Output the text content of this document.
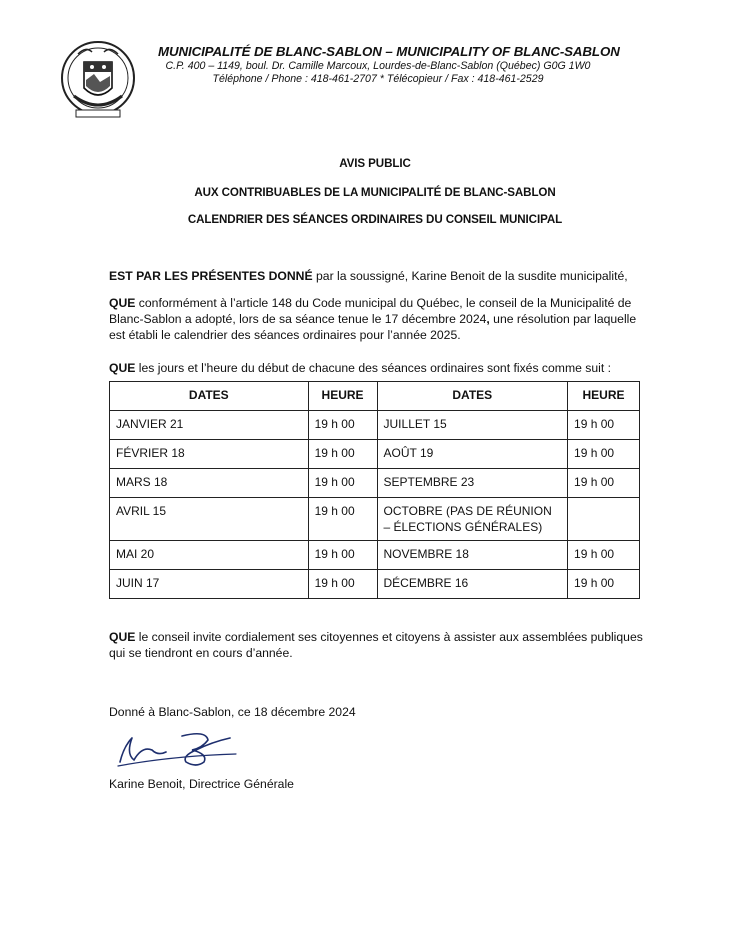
MUNICIPALITÉ DE BLANC-SABLON – MUNICIPALITY OF BLANC-SABLON
C.P. 400 – 1149, boul. Dr. Camille Marcoux, Lourdes-de-Blanc-Sablon (Québec) G0G 1W0
Téléphone / Phone : 418-461-2707 * Télécopieur / Fax : 418-461-2529
AVIS PUBLIC
AUX CONTRIBUABLES DE LA MUNICIPALITÉ DE BLANC-SABLON
CALENDRIER DES SÉANCES ORDINAIRES DU CONSEIL MUNICIPAL

EST PAR LES PRÉSENTES DONNÉ par la soussigné, Karine Benoit de la susdite municipalité,

QUE conformément à l’article 148 du Code municipal du Québec, le conseil de la Municipalité de Blanc-Sablon a adopté, lors de sa séance tenue le 17 décembre 2024, une résolution par laquelle est établi le calendrier des séances ordinaires pour l’année 2025.

QUE les jours et l’heure du début de chacune des séances ordinaires sont fixés comme suit :

DATES	HEURE	DATES	HEURE
JANVIER 21	19 h 00	JUILLET 15	19 h 00
FÉVRIER 18	19 h 00	AOÛT 19	19 h 00
MARS 18	19 h 00	SEPTEMBRE 23	19 h 00
AVRIL 15	19 h 00	OCTOBRE (PAS DE RÉUNION – ÉLECTIONS GÉNÉRALES)	
MAI 20	19 h 00	NOVEMBRE 18	19 h 00
JUIN 17	19 h 00	DÉCEMBRE 16	19 h 00

QUE le conseil invite cordialement ses citoyennes et citoyens à assister aux assemblées publiques qui se tiendront en cours d’année.

Donné à Blanc-Sablon, ce 18 décembre 2024

Karine Benoit, Directrice Générale
